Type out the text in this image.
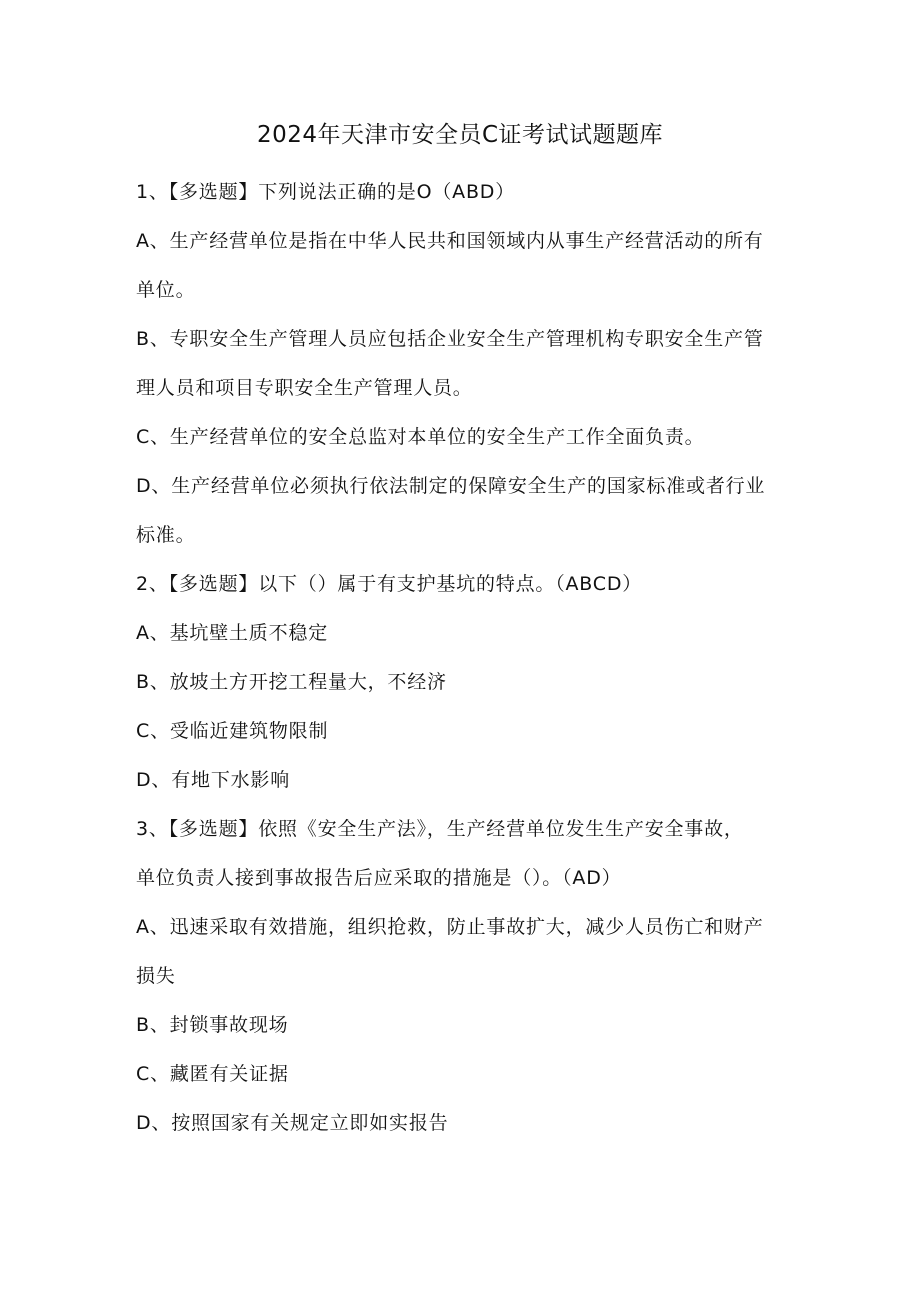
2024年天津市安全员C证考试试题题库
1、【多选题】下列说法正确的是O（ABD）
A、生产经营单位是指在中华人民共和国领域内从事生产经营活动的所有
单位。
B、专职安全生产管理人员应包括企业安全生产管理机构专职安全生产管
理人员和项目专职安全生产管理人员。
C、生产经营单位的安全总监对本单位的安全生产工作全面负责。
D、生产经营单位必须执行依法制定的保障安全生产的国家标准或者行业
标准。
2、【多选题】以下（）属于有支护基坑的特点。（ABCD）
A、基坑壁土质不稳定
B、放坡土方开挖工程量大，不经济
C、受临近建筑物限制
D、有地下水影响
3、【多选题】依照《安全生产法》，生产经营单位发生生产安全事故，
单位负责人接到事故报告后应采取的措施是（）。（AD）
A、迅速采取有效措施，组织抢救，防止事故扩大，减少人员伤亡和财产
损失
B、封锁事故现场
C、藏匿有关证据
D、按照国家有关规定立即如实报告
